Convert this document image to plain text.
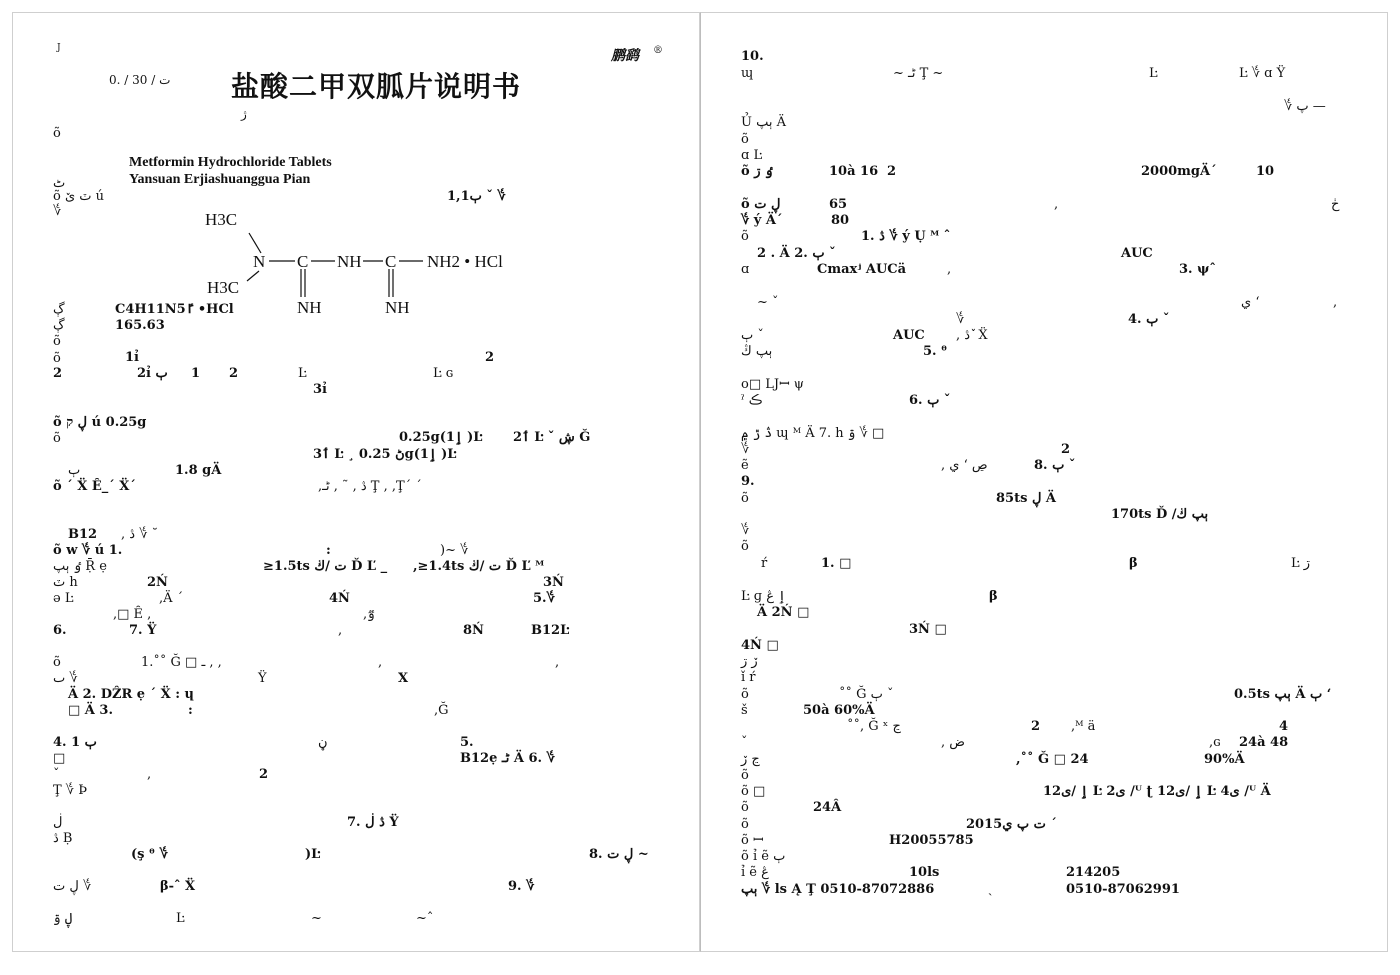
J
0. / 3ت / 0
鹏鹞 ®
盐酸二甲双胍片说明书
ژ
Metformin Hydrochloride Tablets
Yansuan Erjiashuanggua Pian
H3C
N C NH C NH2 • HCl
H3C
NH	NH
õ
ٹ
õ ٽ ێ ú	1,1ٻ ˇ ؇
؇
ڳ	C4H11N5ٵ •HCl
ڳ	165.63
õ
õ	1ỉ	2
2	2ỉ ٻ 1 2	Ŀ	Ŀ ɢ
3ỉ
õ ڸ ק ú 0.25g
õ	0.25g(1ٳ )Ŀ 2ٲ Ŀ ˇ ڜ Ğ
3ٲ Ŀ ¸ ڻ 0.25g(1ٳ )Ŀ
ٻ	1.8 gÄ
õ ´ Ẍ Ȇ_´ Ẍ´	,ڎ , ˜ , ٹـ Ţ , ,Ţ´ ´
B12 , ڎ ؇ ˘
õ w ؇ ú 1.	:	)~ ؇
ٶ ٻپ Ṝ ẹ	≥1.5ts ت /ڬ Ď Ľ _ ,≥1.4ts ت /ڬ Ď Ľ ᴹ
ٽ h	2Ń	3Ń
ə Ŀ	,Ä ˊ	4Ń	5.؇
,□ Ȇ ,	,ٷ
6.	7. Ÿ	,	8Ń	B12Ŀ
õ	1.˚˚ Ğ □ ـ , ,	,	,
ٮ ؇	Ÿ	X
Ä 2. DẐR ẹ ´ Ẍ : ɥ
□ Ä 3.	:	,Ğ
4. ٻ 1	ڼ	5.
□	B12ẹ ٹـ Ä 6. ؇
ˇ	,	2
Ţ ؇ Þ
ڶ	7. ڎ ڶ Ÿ
ڎ Ḅ
(ş ᶿ ؇	)Ŀ	8. ڸ ت ~
ڸ ت ؇	β-ˆ Ẍ	9. ؇
ڸ ۊ	Ŀ	~	~ˆ
10.
ɰ	~ ٹـ Ţ ~	Ŀ	Ŀ ؇ ɑ Ÿ
؇ پ —
Ủ ٻپ Ä
õ
ɑ Ŀ
õ ٶ ڗ	10à 16 2	2000mgÄ´	10
õ ڸ ت	65	,	ڂ
؇ ý Ä´	80
õ	1. ڎ ؇ ý Ụ ᴹ ˆ
2 . Ä 2. ٻ ˇ	AUC
ɑ	Cmaxʲ AUCä	,	3. ψˆ
~ ˇ	ي ʻ	,
؇	4. ٻ ˇ
ٻ ˇ	AUC , ڎ ٚ Ẍ
ٻپ ڭ	5. ᶿ
o□ LJꟷ ψ
ˀ ڪ	6. ٻ ˇ
ڎ ڙ ۾ ɰ ᴹ Ä 7. h ۊ ؇ □
؇	2
ẽ	, ي ʻ ڝ	8. ٻ ˇ
9.
õ	85ts ڸ Ä
170ts Ď /ٻپ ڬ
؇
õ
ŕ	1. □	β	Ŀ ڗ
Ŀ ɡ ٳ ڠ	β
Ä 2Ń □
3Ń □
4Ń □
ڒ ڗ
ǐ ŕ
õ	˚˚ Ğ ٻ ˇ	0.5ts ٻپ Ä ٻ ʻ
š	50à 60%Ä
˚˚, Ğ ˣ ڃ	2 ,ᴹ ä	4
ˇ	, ض	,ɢ 24à 48
ڃ ڒ	,˚˚ Ğ □ 24	90%Ä
õ
õ □	12ٳ /ی Ŀ 2ی /ᵂ ʈ 12ٳ /ی Ŀ 4ی /ᵂ Ä
õ	24Â
õ	2015ت پ ي ˊ
õ ꟷ	H20055785
õ ỉ ẽ ٻ
ỉ ẽ ڠ	10ls	214205
ٻپ ؇ ls Ą Ţ 0510-87072886	ˏ	0510-87062991
